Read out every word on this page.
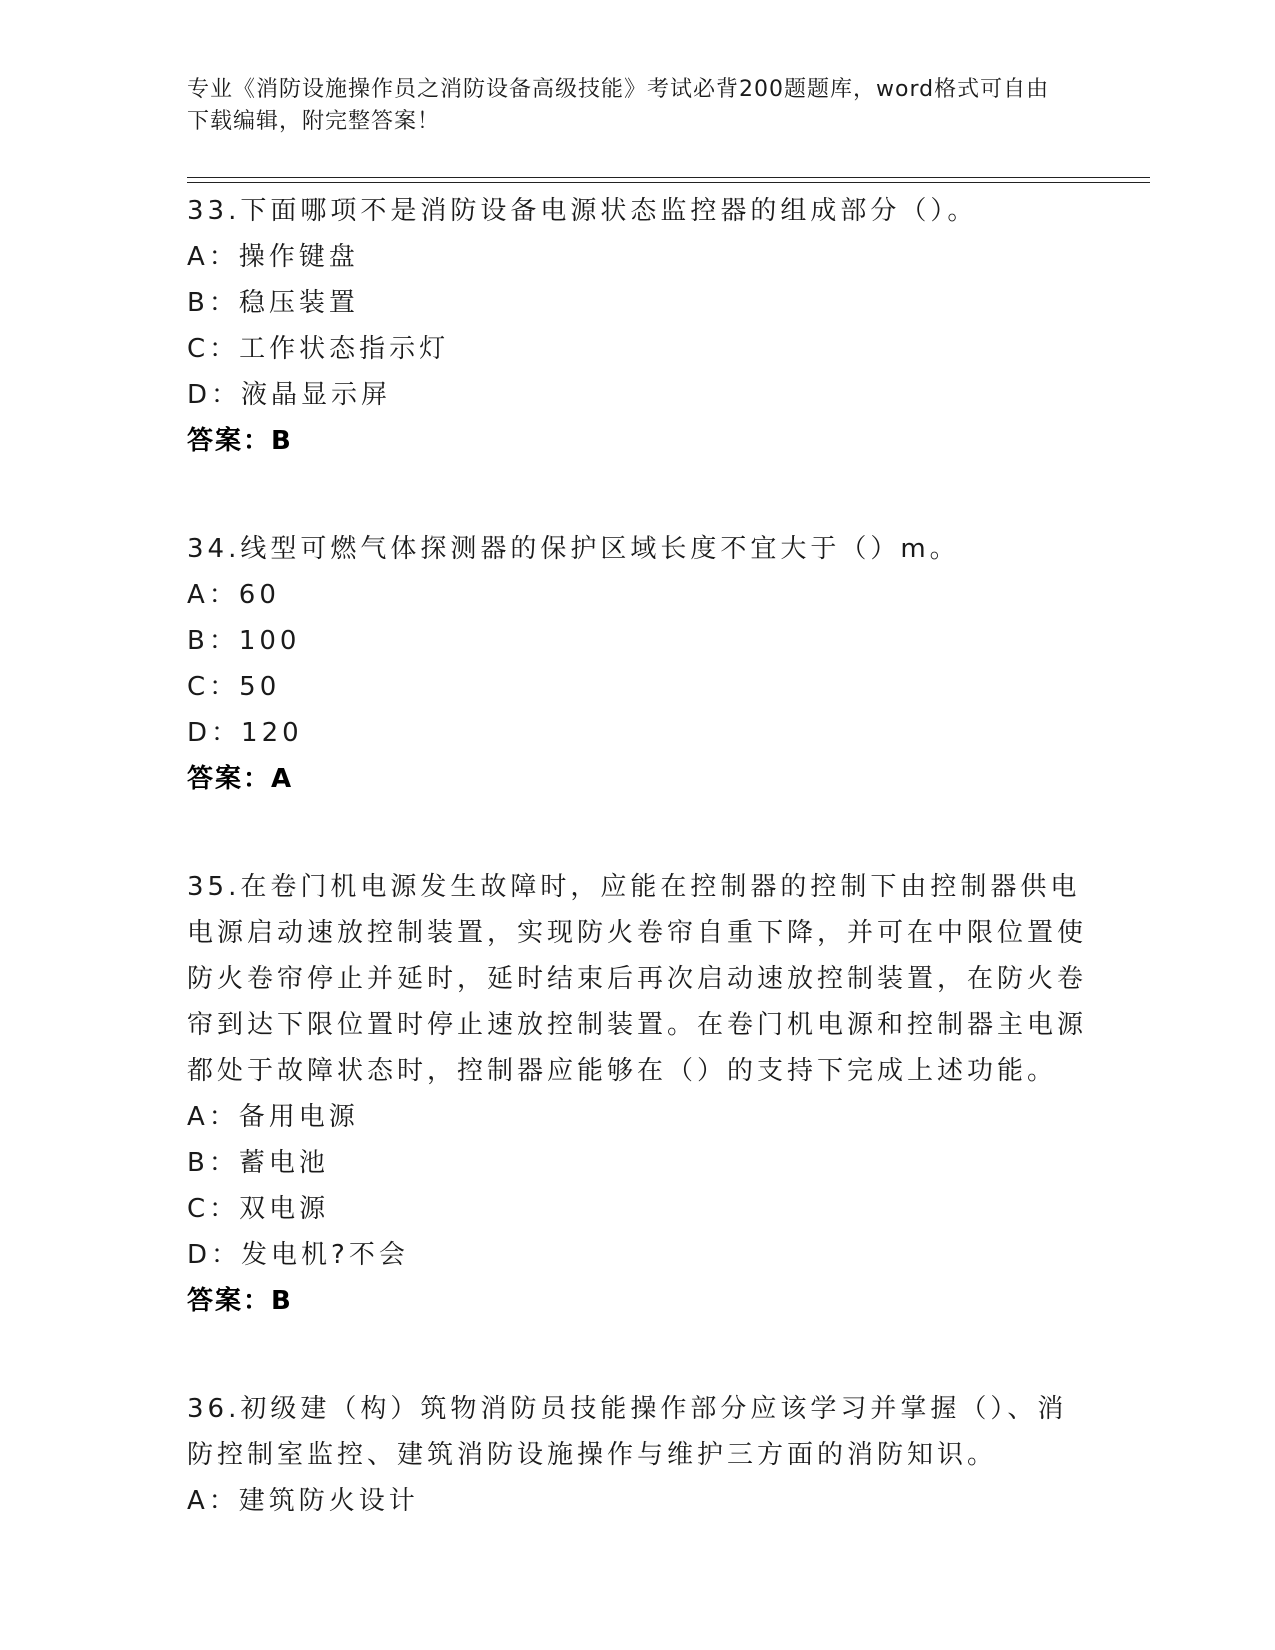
专业《消防设施操作员之消防设备高级技能》考试必背200题题库，word格式可自由下载编辑，附完整答案！

33.下面哪项不是消防设备电源状态监控器的组成部分（）。

A：操作键盘

B：稳压装置

C：工作状态指示灯

D：液晶显示屏

答案：B

34.线型可燃气体探测器的保护区域长度不宜大于（）m。

A：60

B：100

C：50

D：120

答案：A

35.在卷门机电源发生故障时，应能在控制器的控制下由控制器供电电源启动速放控制装置，实现防火卷帘自重下降，并可在中限位置使防火卷帘停止并延时，延时结束后再次启动速放控制装置，在防火卷帘到达下限位置时停止速放控制装置。在卷门机电源和控制器主电源都处于故障状态时，控制器应能够在（）的支持下完成上述功能。

A：备用电源

B：蓄电池

C：双电源

D：发电机?不会

答案：B

36.初级建（构）筑物消防员技能操作部分应该学习并掌握（）、消防控制室监控、建筑消防设施操作与维护三方面的消防知识。

A：建筑防火设计
